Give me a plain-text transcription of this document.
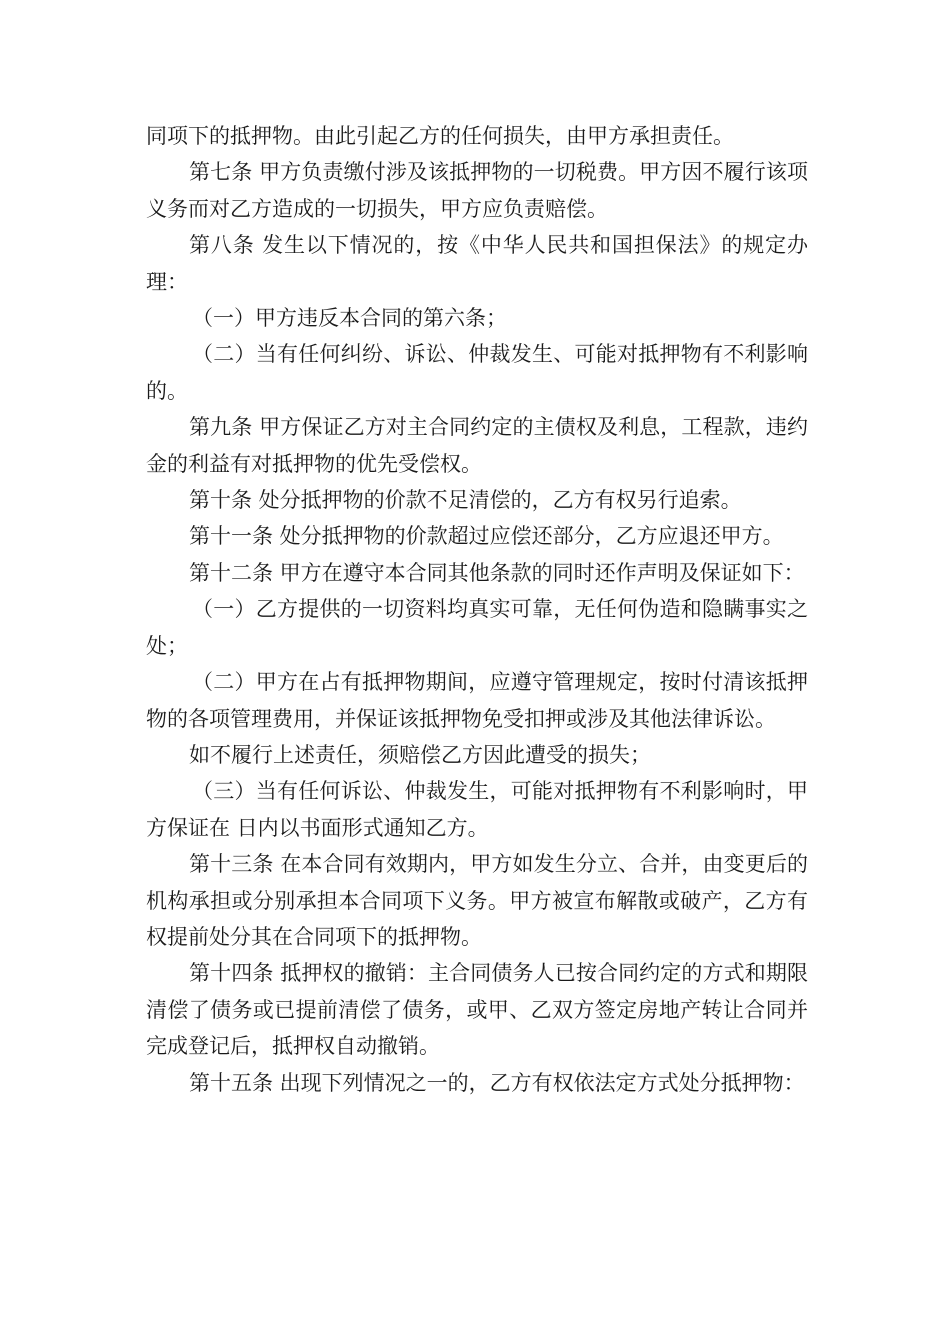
同项下的抵押物。由此引起乙方的任何损失，由甲方承担责任。

第七条 甲方负责缴付涉及该抵押物的一切税费。甲方因不履行该项义务而对乙方造成的一切损失，甲方应负责赔偿。

第八条 发生以下情况的，按《中华人民共和国担保法》的规定办理：

（一）甲方违反本合同的第六条；

（二）当有任何纠纷、诉讼、仲裁发生、可能对抵押物有不利影响的。

第九条 甲方保证乙方对主合同约定的主债权及利息，工程款，违约金的利益有对抵押物的优先受偿权。

第十条 处分抵押物的价款不足清偿的，乙方有权另行追索。

第十一条 处分抵押物的价款超过应偿还部分，乙方应退还甲方。

第十二条 甲方在遵守本合同其他条款的同时还作声明及保证如下：

（一）乙方提供的一切资料均真实可靠，无任何伪造和隐瞒事实之处；

（二）甲方在占有抵押物期间，应遵守管理规定，按时付清该抵押物的各项管理费用，并保证该抵押物免受扣押或涉及其他法律诉讼。

如不履行上述责任，须赔偿乙方因此遭受的损失；

（三）当有任何诉讼、仲裁发生，可能对抵押物有不利影响时，甲方保证在 日内以书面形式通知乙方。

第十三条 在本合同有效期内，甲方如发生分立、合并，由变更后的机构承担或分别承担本合同项下义务。甲方被宣布解散或破产，乙方有权提前处分其在合同项下的抵押物。

第十四条 抵押权的撤销：主合同债务人已按合同约定的方式和期限清偿了债务或已提前清偿了债务，或甲、乙双方签定房地产转让合同并完成登记后，抵押权自动撤销。

第十五条 出现下列情况之一的，乙方有权依法定方式处分抵押物：
